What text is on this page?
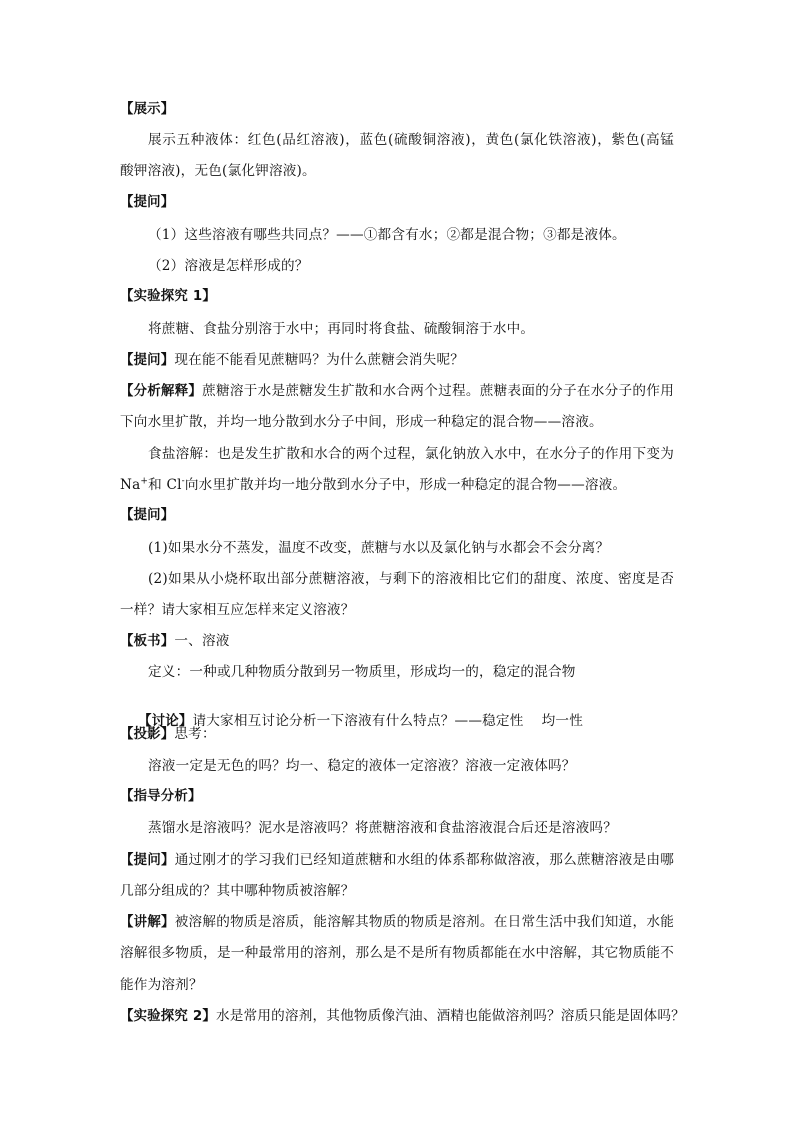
【展示】
展示五种液体：红色(品红溶液)，蓝色(硫酸铜溶液)，黄色(氯化铁溶液)，紫色(高锰
酸钾溶液)，无色(氯化钾溶液)。
【提问】
（1）这些溶液有哪些共同点？——①都含有水；②都是混合物；③都是液体。
（2）溶液是怎样形成的？
【实验探究 1】
将蔗糖、食盐分别溶于水中；再同时将食盐、硫酸铜溶于水中。
【提问】现在能不能看见蔗糖吗？为什么蔗糖会消失呢？
【分析解释】蔗糖溶于水是蔗糖发生扩散和水合两个过程。蔗糖表面的分子在水分子的作用
下向水里扩散，并均一地分散到水分子中间，形成一种稳定的混合物——溶液。
食盐溶解：也是发生扩散和水合的两个过程，氯化钠放入水中，在水分子的作用下变为
Na+和 Cl-向水里扩散并均一地分散到水分子中，形成一种稳定的混合物——溶液。
【提问】
(1)如果水分不蒸发，温度不改变，蔗糖与水以及氯化钠与水都会不会分离？
(2)如果从小烧杯取出部分蔗糖溶液，与剩下的溶液相比它们的甜度、浓度、密度是否
一样？请大家相互应怎样来定义溶液？
【板书】一、溶液
定义：一种或几种物质分散到另一物质里，形成均一的，稳定的混合物

【讨论】请大家相互讨论分析一下溶液有什么特点？——稳定性    均一性

【投影】思考：
溶液一定是无色的吗？均一、稳定的液体一定溶液？溶液一定液体吗？
【指导分析】
蒸馏水是溶液吗？泥水是溶液吗？将蔗糖溶液和食盐溶液混合后还是溶液吗？
【提问】通过刚才的学习我们已经知道蔗糖和水组的体系都称做溶液，那么蔗糖溶液是由哪
几部分组成的？其中哪种物质被溶解？
【讲解】被溶解的物质是溶质，能溶解其物质的物质是溶剂。在日常生活中我们知道，水能
溶解很多物质，是一种最常用的溶剂，那么是不是所有物质都能在水中溶解，其它物质能不
能作为溶剂？
【实验探究 2】水是常用的溶剂，其他物质像汽油、酒精也能做溶剂吗？溶质只能是固体吗？
